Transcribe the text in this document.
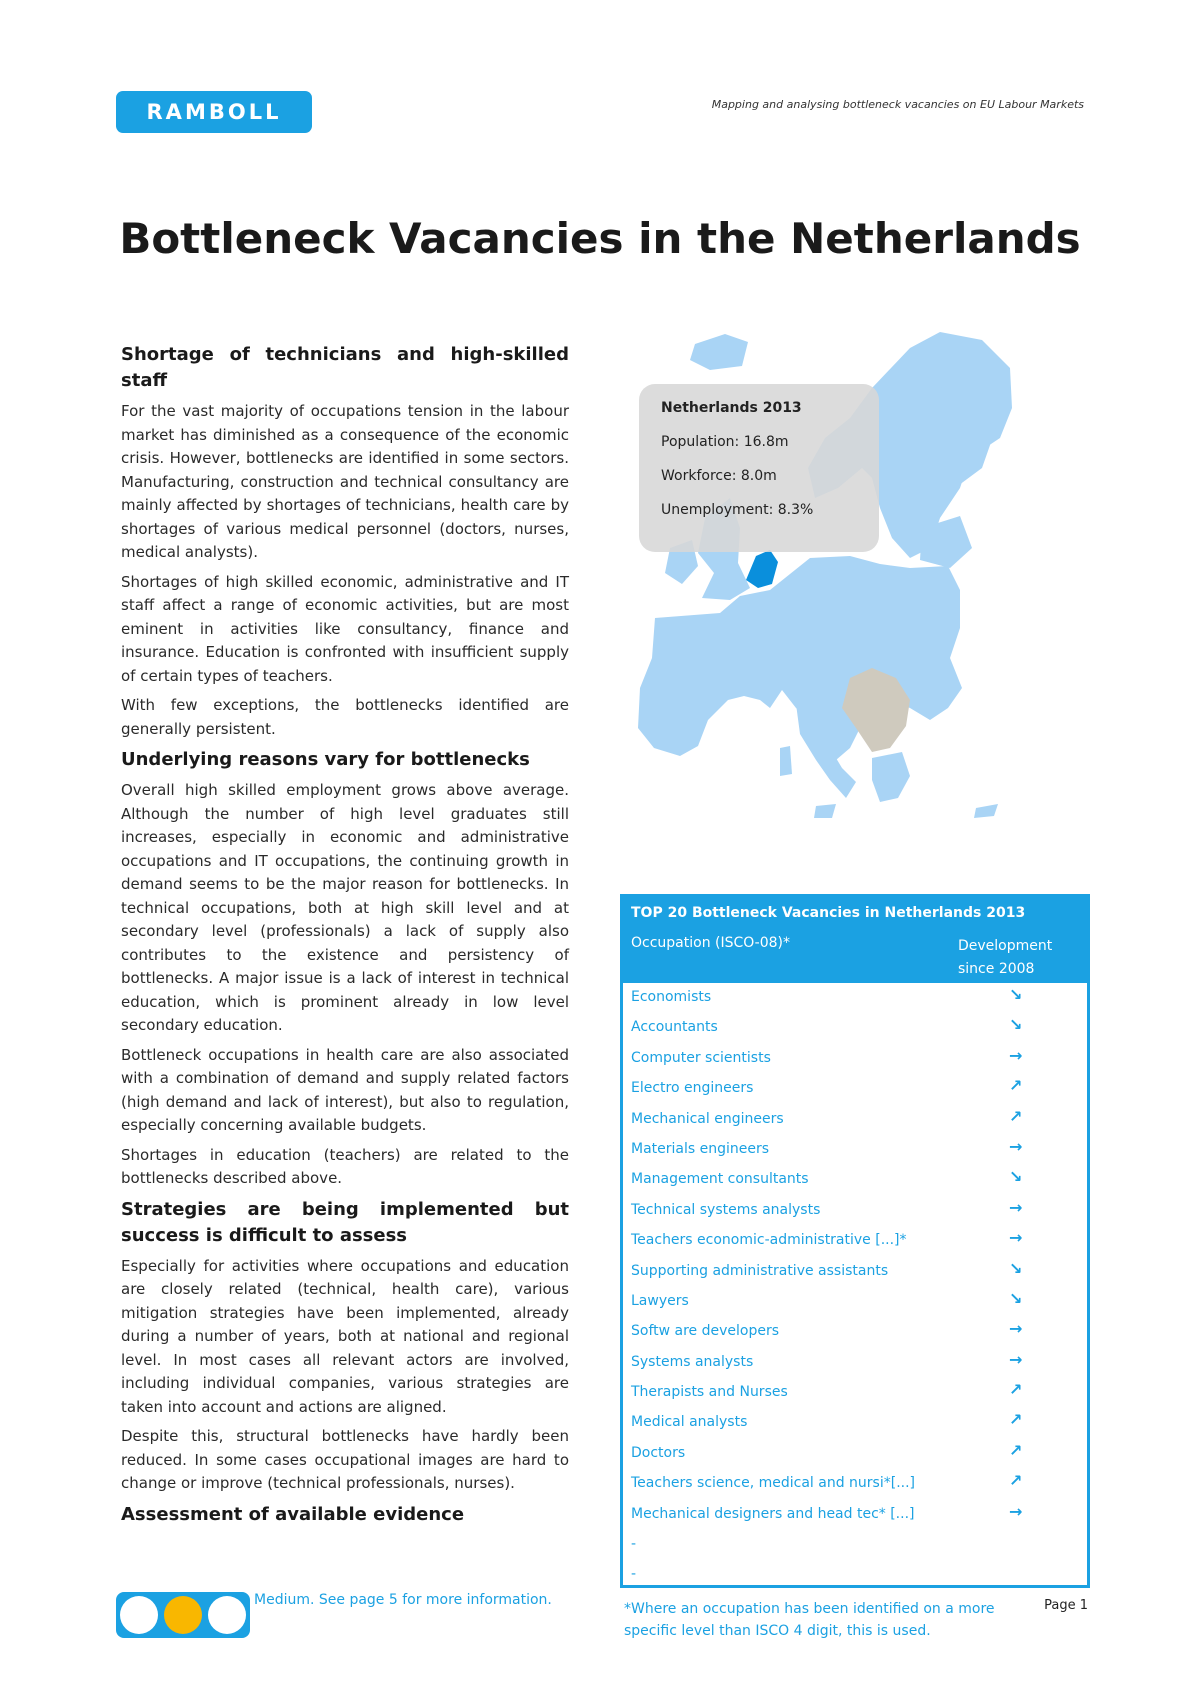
RAMBOLL	Mapping and analysing bottleneck vacancies on EU Labour Markets
Bottleneck Vacancies in the Netherlands
Shortage of technicians and high-skilled staff

For the vast majority of occupations tension in the labour market has diminished as a consequence of the economic crisis. However, bottlenecks are identified in some sectors. Manufacturing, construction and technical consultancy are mainly affected by shortages of technicians, health care by shortages of various medical personnel (doctors, nurses, medical analysts).

Shortages of high skilled economic, administrative and IT staff affect a range of economic activities, but are most eminent in activities like consultancy, finance and insurance. Education is confronted with insufficient supply of certain types of teachers.

With few exceptions, the bottlenecks identified are generally persistent.

Underlying reasons vary for bottlenecks

Overall high skilled employment grows above average. Although the number of high level graduates still increases, especially in economic and administrative occupations and IT occupations, the continuing growth in demand seems to be the major reason for bottlenecks. In technical occupations, both at high skill level and at secondary level (professionals) a lack of supply also contributes to the existence and persistency of bottlenecks. A major issue is a lack of interest in technical education, which is prominent already in low level secondary education.

Bottleneck occupations in health care are also associated with a combination of demand and supply related factors (high demand and lack of interest), but also to regulation, especially concerning available budgets.

Shortages in education (teachers) are related to the bottlenecks described above.

Strategies are being implemented but success is difficult to assess

Especially for activities where occupations and education are closely related (technical, health care), various mitigation strategies have been implemented, already during a number of years, both at national and regional level. In most cases all relevant actors are involved, including individual companies, various strategies are taken into account and actions are aligned.

Despite this, structural bottlenecks have hardly been reduced. In some cases occupational images are hard to change or improve (technical professionals, nurses).

Assessment of available evidence
Medium. See page 5 for more information.
Netherlands 2013
Population: 16.8m
Workforce: 8.0m
Unemployment: 8.3%
TOP 20 Bottleneck Vacancies in Netherlands 2013
Occupation (ISCO-08)*	Development
since 2008
Economists	↘
Accountants	↘
Computer scientists	→
Electro engineers	↗
Mechanical engineers	↗
Materials engineers	→
Management consultants	↘
Technical systems analysts	→
Teachers economic-administrative [...]*	→
Supporting administrative assistants	↘
Lawyers	↘
Softw are developers	→
Systems analysts	→
Therapists and Nurses	↗
Medical analysts	↗
Doctors	↗
Teachers science, medical and nursi*[...]	↗
Mechanical designers and head tec* [...]	→
-
-
*Where an occupation has been identified on a more specific level than ISCO 4 digit, this is used.
Page 1
